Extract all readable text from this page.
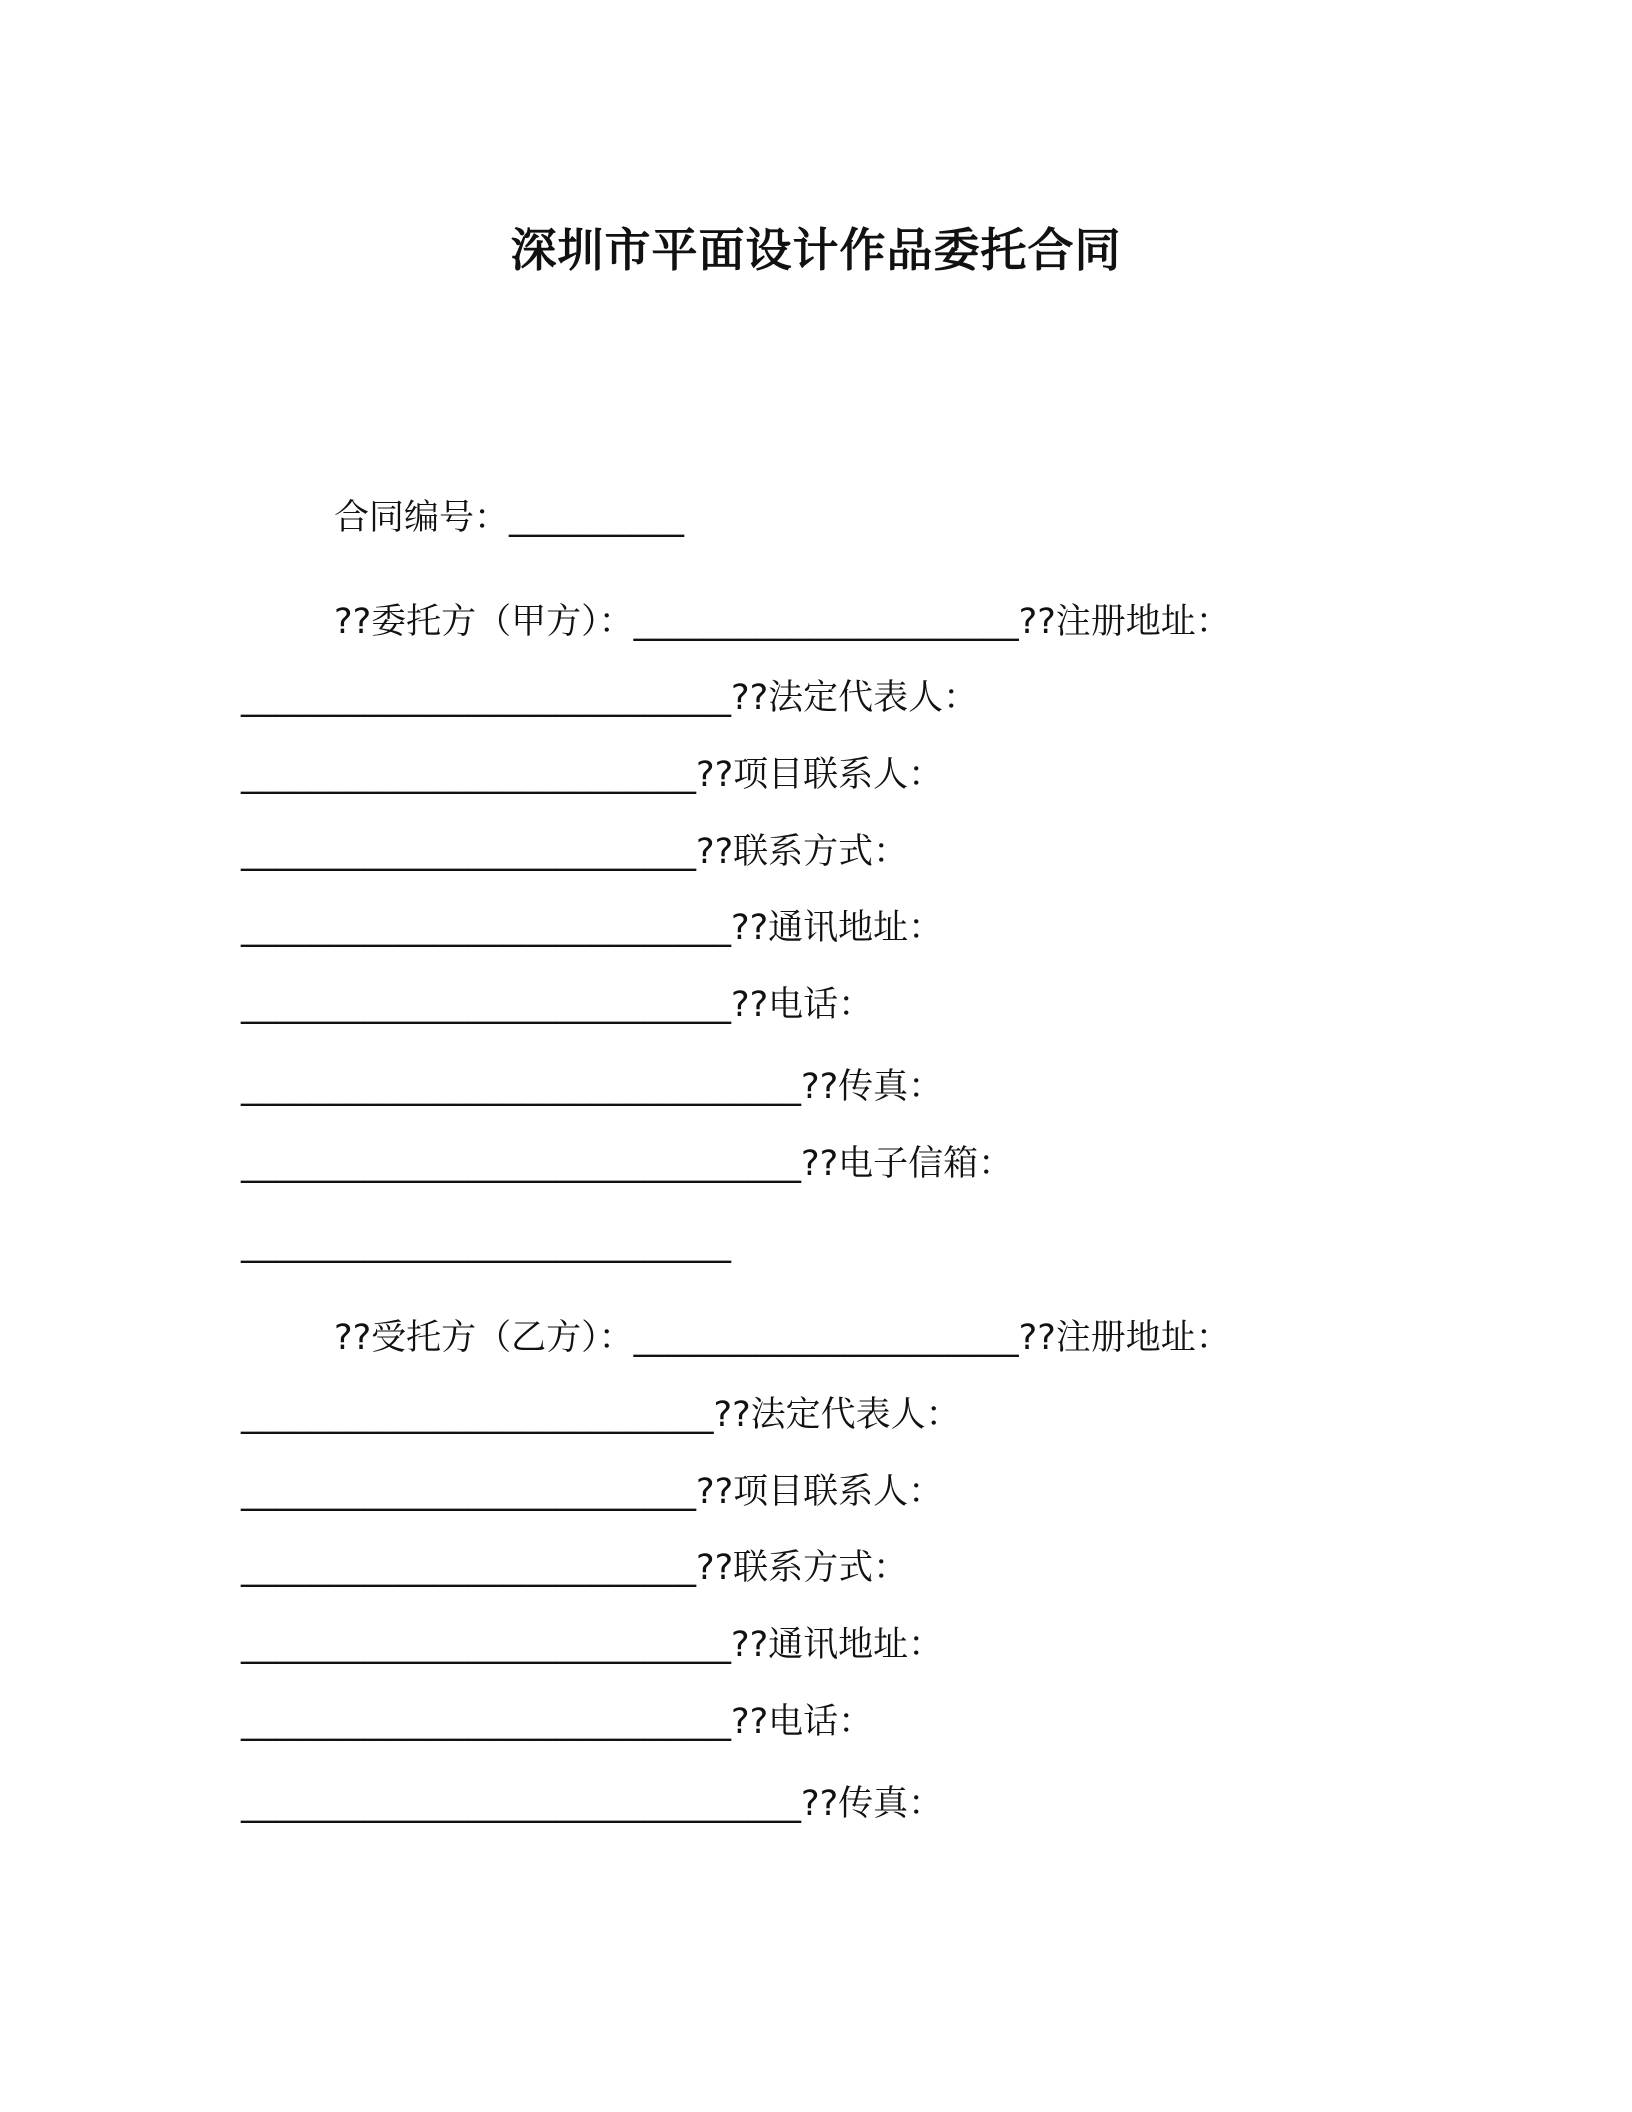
深圳市平面设计作品委托合同
合同编号：__________
??委托方（甲方）：______________________??注册地址：
____________________________??法定代表人：
__________________________??项目联系人：
__________________________??联系方式：
____________________________??通讯地址：
____________________________??电话：
________________________________??传真：
________________________________??电子信箱：
____________________________
??受托方（乙方）：______________________??注册地址：
___________________________??法定代表人：
__________________________??项目联系人：
__________________________??联系方式：
____________________________??通讯地址：
____________________________??电话：
________________________________??传真：
